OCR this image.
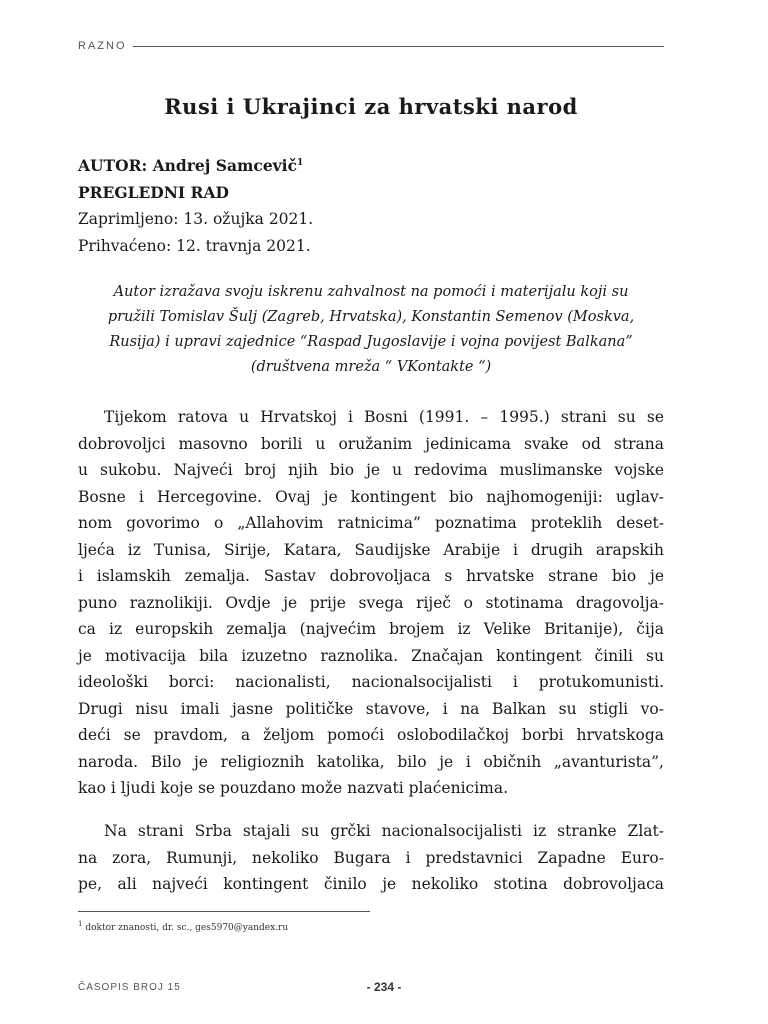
RAZNO
Rusi i Ukrajinci za hrvatski narod
AUTOR: Andrej Samcevič$^1$
PREGLEDNI RAD
Zaprimljeno: 13. ožujka 2021.
Prihvaćeno: 12. travnja 2021.
Autor izražava svoju iskrenu zahvalnost na pomoći i materijalu koji su
pružili Tomislav Šulj (Zagreb, Hrvatska), Konstantin Semenov (Moskva,
Rusija) i upravi zajednice “Raspad Jugoslavije i vojna povijest Balkana”
(društvena mreža “ VKontakte “)
Tijekom ratova u Hrvatskoj i Bosni (1991. – 1995.) strani su se
dobrovoljci masovno borili u oružanim jedinicama svake od strana
u sukobu. Najveći broj njih bio je u redovima muslimanske vojske
Bosne i Hercegovine. Ovaj je kontingent bio najhomogeniji: uglav-
nom govorimo o „Allahovim ratnicima” poznatima proteklih deset-
ljeća iz Tunisa, Sirije, Katara, Saudijske Arabije i drugih arapskih
i islamskih zemalja. Sastav dobrovoljaca s hrvatske strane bio je
puno raznolikiji. Ovdje je prije svega riječ o stotinama dragovolja-
ca iz europskih zemalja (najvećim brojem iz Velike Britanije), čija
je motivacija bila izuzetno raznolika. Značajan kontingent činili su
ideološki borci: nacionalisti, nacionalsocijalisti i protukomunisti.
Drugi nisu imali jasne političke stavove, i na Balkan su stigli vo-
deći se pravdom, a željom pomoći oslobodilačkoj borbi hrvatskoga
naroda. Bilo je religioznih katolika, bilo je i običnih „avanturista”,
kao i ljudi koje se pouzdano može nazvati plaćenicima.
Na strani Srba stajali su grčki nacionalsocijalisti iz stranke Zlat-
na zora, Rumunji, nekoliko Bugara i predstavnici Zapadne Euro-
pe, ali najveći kontingent činilo je nekoliko stotina dobrovoljaca
$^1$ doktor znanosti, dr. sc., ges5970@yandex.ru
ČASOPIS BROJ 15	- 234 -
